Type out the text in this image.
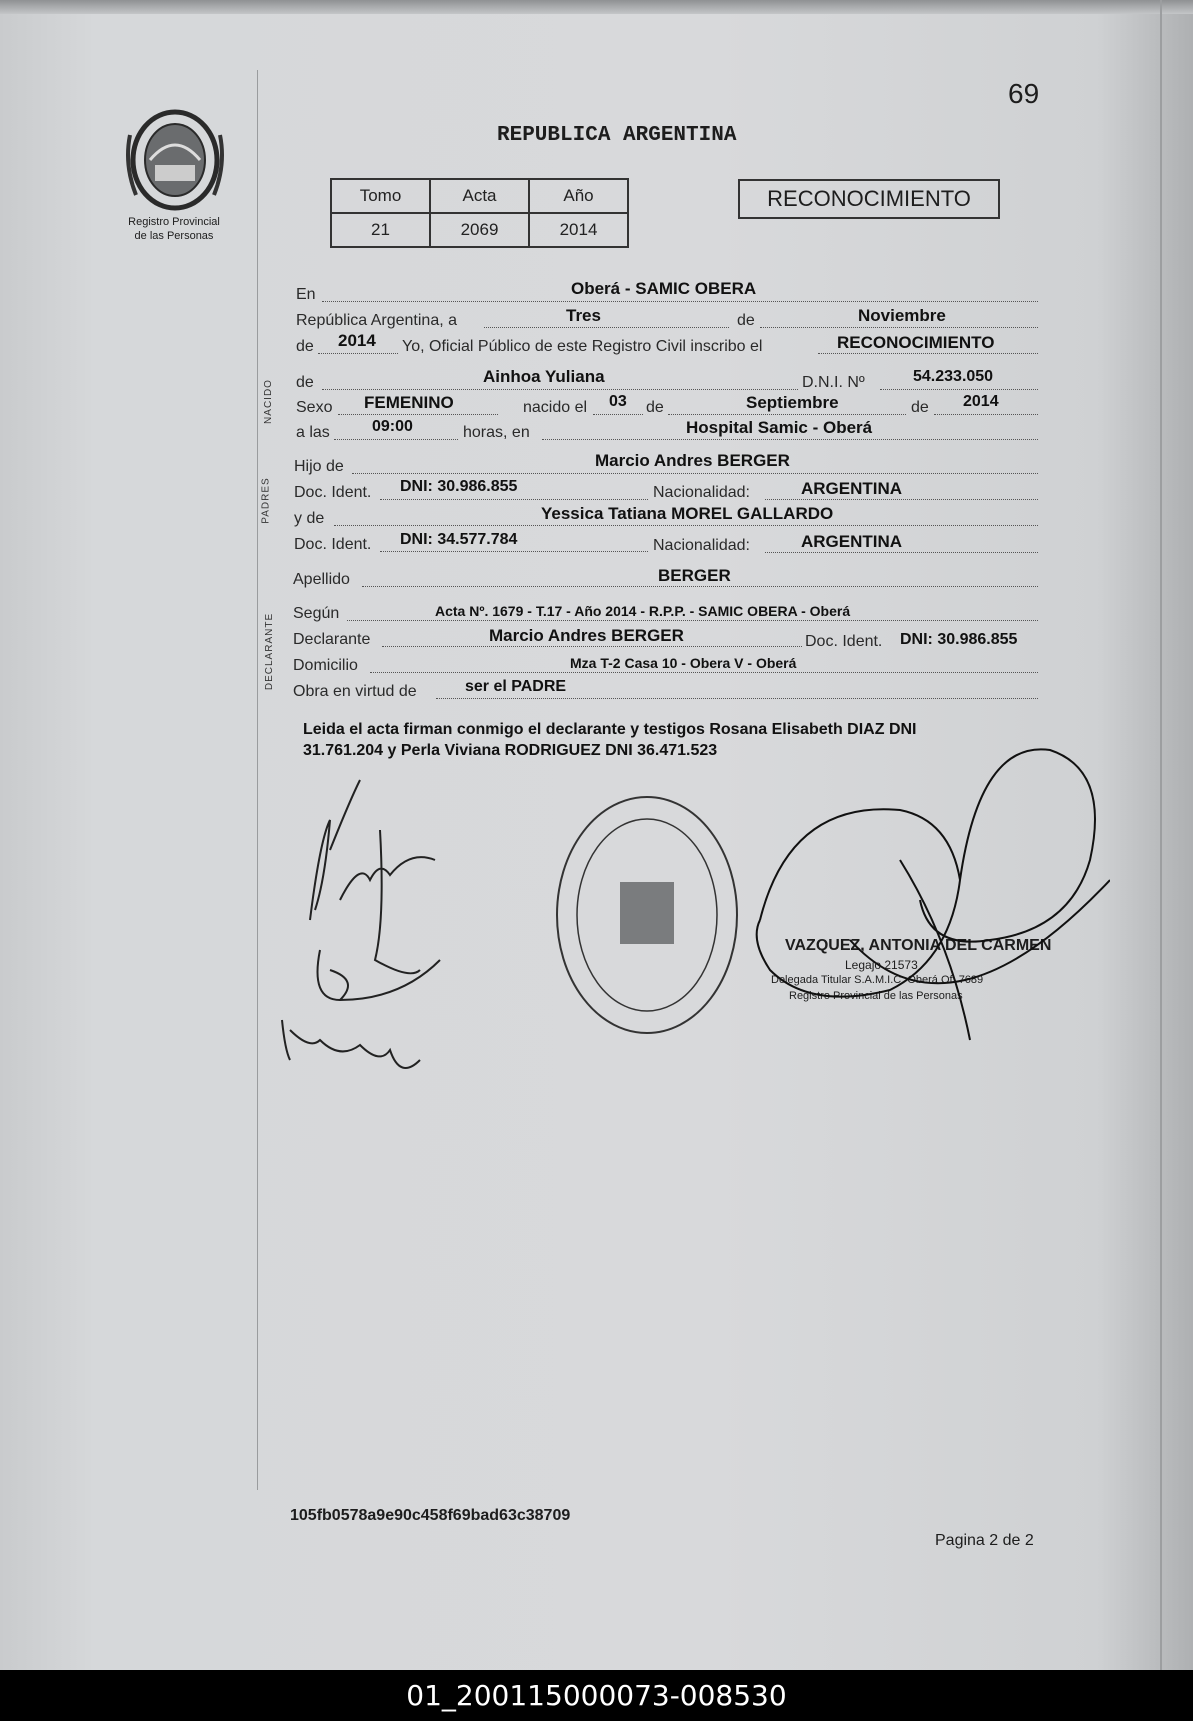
69
Registro Provincial
de las Personas
REPUBLICA ARGENTINA
Tomo	Acta	Año
21	2069	2014
RECONOCIMIENTO
NACIDO
PADRES
DECLARANTE
En	Oberá - SAMIC OBERA
República Argentina, a	Tres	de	Noviembre
de 2014 Yo, Oficial Público de este Registro Civil inscribo el	RECONOCIMIENTO
de	Ainhoa Yuliana	D.N.I. Nº	54.233.050
Sexo FEMENINO	nacido el 03 de	Septiembre	de 2014
a las	09:00	horas, en	Hospital Samic - Oberá
Hijo de	Marcio Andres BERGER
Doc. Ident. DNI: 30.986.855	Nacionalidad:	ARGENTINA
y de	Yessica Tatiana MOREL GALLARDO
Doc. Ident. DNI: 34.577.784	Nacionalidad:	ARGENTINA
Apellido	BERGER
Según	Acta Nº. 1679 - T.17 - Año 2014 - R.P.P. - SAMIC OBERA - Oberá
Declarante	Marcio Andres BERGER	Doc. Ident. DNI: 30.986.855
Domicilio	Mza T-2 Casa 10 - Obera V - Oberá
Obra en virtud de	ser el PADRE
Leida el acta firman conmigo el declarante y testigos Rosana Elisabeth DIAZ DNI
31.761.204 y Perla Viviana RODRIGUEZ DNI 36.471.523
VAZQUEZ, ANTONIA DEL CARMEN
Legajo 21573
Delegada Titular S.A.M.I.C. Oberá Of. 7689
Registro Provincial de las Personas
105fb0578a9e90c458f69bad63c38709
Pagina 2 de 2
01_200115000073-008530
